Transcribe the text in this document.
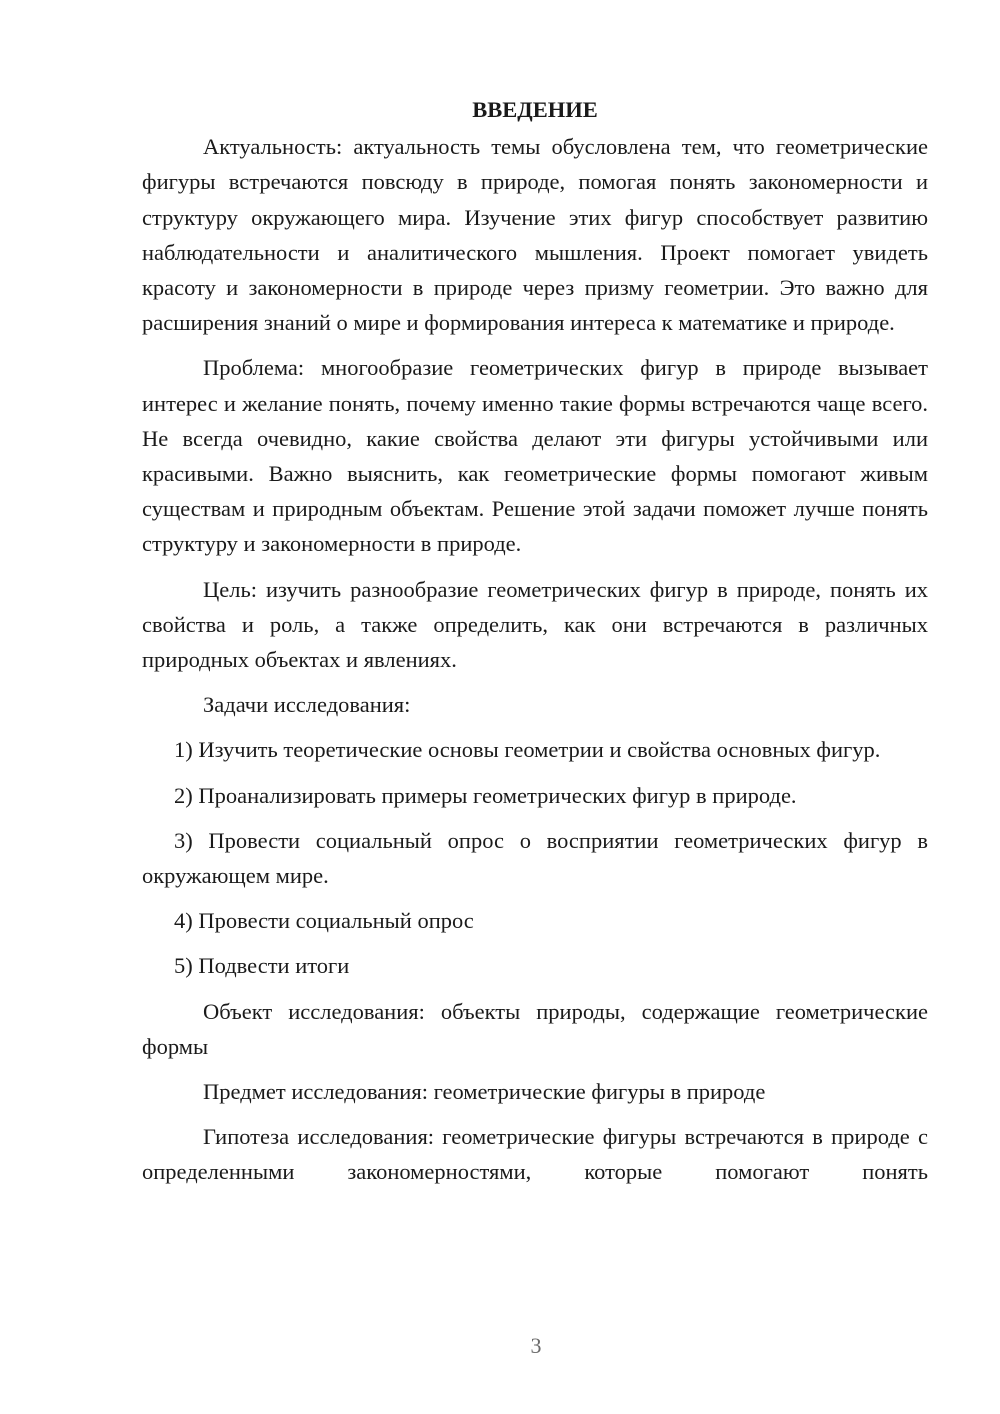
ВВЕДЕНИЕ

Актуальность: актуальность темы обусловлена тем, что геометрические фигуры встречаются повсюду в природе, помогая понять закономерности и структуру окружающего мира. Изучение этих фигур способствует развитию наблюдательности и аналитического мышления. Проект помогает увидеть красоту и закономерности в природе через призму геометрии. Это важно для расширения знаний о мире и формирования интереса к математике и природе.

Проблема: многообразие геометрических фигур в природе вызывает интерес и желание понять, почему именно такие формы встречаются чаще всего. Не всегда очевидно, какие свойства делают эти фигуры устойчивыми или красивыми. Важно выяснить, как геометрические формы помогают живым существам и природным объектам. Решение этой задачи поможет лучше понять структуру и закономерности в природе.

Цель: изучить разнообразие геометрических фигур в природе, понять их свойства и роль, а также определить, как они встречаются в различных природных объектах и явлениях.

Задачи исследования:

1) Изучить теоретические основы геометрии и свойства основных фигур.

2) Проанализировать примеры геометрических фигур в природе.

3) Провести социальный опрос о восприятии геометрических фигур в окружающем мире.

4) Провести социальный опрос

5) Подвести итоги

Объект исследования: объекты природы, содержащие геометрические формы

Предмет исследования: геометрические фигуры в природе

Гипотеза исследования: геометрические фигуры встречаются в природе с определенными закономерностями, которые помогают понять

3
